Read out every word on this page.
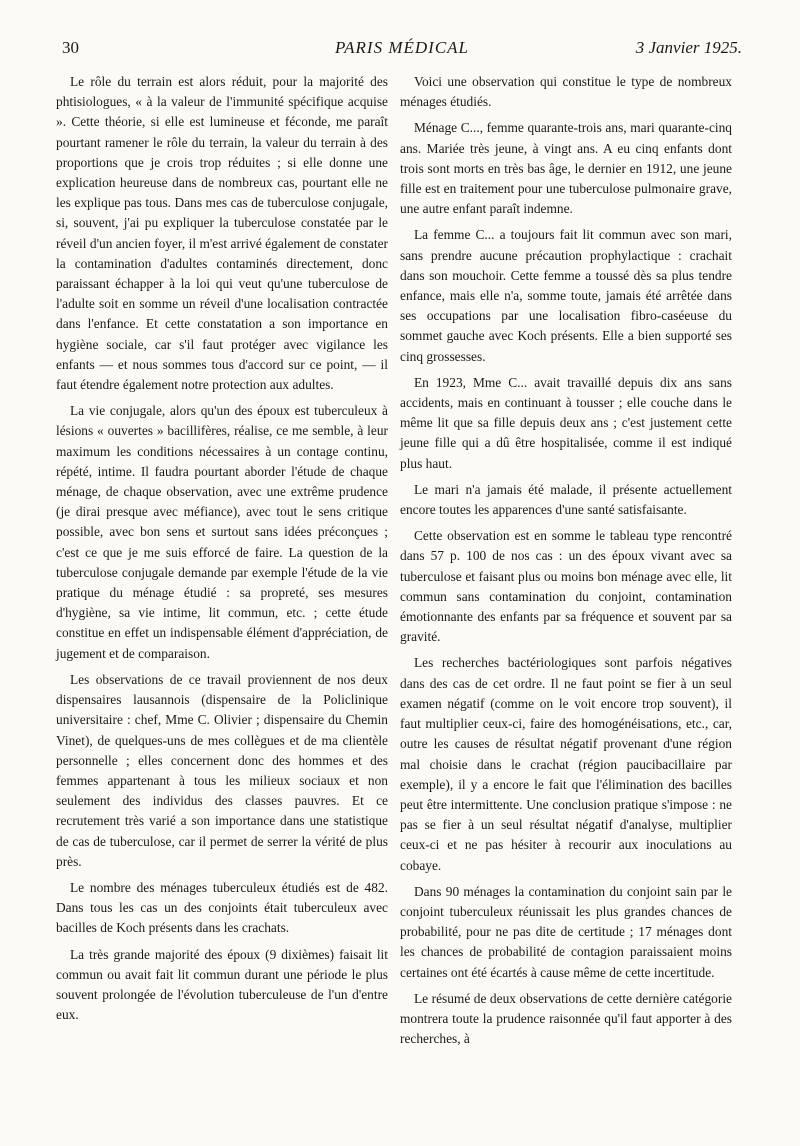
30	PARIS MÉDICAL	3 Janvier 1925.

Le rôle du terrain est alors réduit, pour la majorité des phtisiologues, « à la valeur de l'immunité spécifique acquise ». Cette théorie, si elle est lumineuse et féconde, me paraît pourtant ramener le rôle du terrain, la valeur du terrain à des proportions que je crois trop réduites ; si elle donne une explication heureuse dans de nombreux cas, pourtant elle ne les explique pas tous. Dans mes cas de tuberculose conjugale, si, souvent, j'ai pu expliquer la tuberculose constatée par le réveil d'un ancien foyer, il m'est arrivé également de constater la contamination d'adultes contaminés directement, donc paraissant échapper à la loi qui veut qu'une tuberculose de l'adulte soit en somme un réveil d'une localisation contractée dans l'enfance. Et cette constatation a son importance en hygiène sociale, car s'il faut protéger avec vigilance les enfants — et nous sommes tous d'accord sur ce point, — il faut étendre également notre protection aux adultes.

La vie conjugale, alors qu'un des époux est tuberculeux à lésions « ouvertes » bacillifères, réalise, ce me semble, à leur maximum les conditions nécessaires à un contage continu, répété, intime. Il faudra pourtant aborder l'étude de chaque ménage, de chaque observation, avec une extrême prudence (je dirai presque avec méfiance), avec tout le sens critique possible, avec bon sens et surtout sans idées préconçues ; c'est ce que je me suis efforcé de faire. La question de la tuberculose conjugale demande par exemple l'étude de la vie pratique du ménage étudié : sa propreté, ses mesures d'hygiène, sa vie intime, lit commun, etc. ; cette étude constitue en effet un indispensable élément d'appréciation, de jugement et de comparaison.

Les observations de ce travail proviennent de nos deux dispensaires lausannois (dispensaire de la Policlinique universitaire : chef, Mme C. Olivier ; dispensaire du Chemin Vinet), de quelques-uns de mes collègues et de ma clientèle personnelle ; elles concernent donc des hommes et des femmes appartenant à tous les milieux sociaux et non seulement des individus des classes pauvres. Et ce recrutement très varié a son importance dans une statistique de cas de tuberculose, car il permet de serrer la vérité de plus près.

Le nombre des ménages tuberculeux étudiés est de 482. Dans tous les cas un des conjoints était tuberculeux avec bacilles de Koch présents dans les crachats.

La très grande majorité des époux (9 dixièmes) faisait lit commun ou avait fait lit commun durant une période le plus souvent prolongée de l'évolution tuberculeuse de l'un d'entre eux.

Voici une observation qui constitue le type de nombreux ménages étudiés.

Ménage C..., femme quarante-trois ans, mari quarante-cinq ans. Mariée très jeune, à vingt ans. A eu cinq enfants dont trois sont morts en très bas âge, le dernier en 1912, une jeune fille est en traitement pour une tuberculose pulmonaire grave, une autre enfant paraît indemne.

La femme C... a toujours fait lit commun avec son mari, sans prendre aucune précaution prophylactique : crachait dans son mouchoir. Cette femme a toussé dès sa plus tendre enfance, mais elle n'a, somme toute, jamais été arrêtée dans ses occupations par une localisation fibro-caséeuse du sommet gauche avec Koch présents. Elle a bien supporté ses cinq grossesses.

En 1923, Mme C... avait travaillé depuis dix ans sans accidents, mais en continuant à tousser ; elle couche dans le même lit que sa fille depuis deux ans ; c'est justement cette jeune fille qui a dû être hospitalisée, comme il est indiqué plus haut.

Le mari n'a jamais été malade, il présente actuellement encore toutes les apparences d'une santé satisfaisante.

Cette observation est en somme le tableau type rencontré dans 57 p. 100 de nos cas : un des époux vivant avec sa tuberculose et faisant plus ou moins bon ménage avec elle, lit commun sans contamination du conjoint, contamination émotionnante des enfants par sa fréquence et souvent par sa gravité.

Les recherches bactériologiques sont parfois négatives dans des cas de cet ordre. Il ne faut point se fier à un seul examen négatif (comme on le voit encore trop souvent), il faut multiplier ceux-ci, faire des homogénéisations, etc., car, outre les causes de résultat négatif provenant d'une région mal choisie dans le crachat (région paucibacillaire par exemple), il y a encore le fait que l'élimination des bacilles peut être intermittente. Une conclusion pratique s'impose : ne pas se fier à un seul résultat négatif d'analyse, multiplier ceux-ci et ne pas hésiter à recourir aux inoculations au cobaye.

Dans 90 ménages la contamination du conjoint sain par le conjoint tuberculeux réunissait les plus grandes chances de probabilité, pour ne pas dite de certitude ; 17 ménages dont les chances de probabilité de contagion paraissaient moins certaines ont été écartés à cause même de cette incertitude.

Le résumé de deux observations de cette dernière catégorie montrera toute la prudence raisonnée qu'il faut apporter à des recherches, à
